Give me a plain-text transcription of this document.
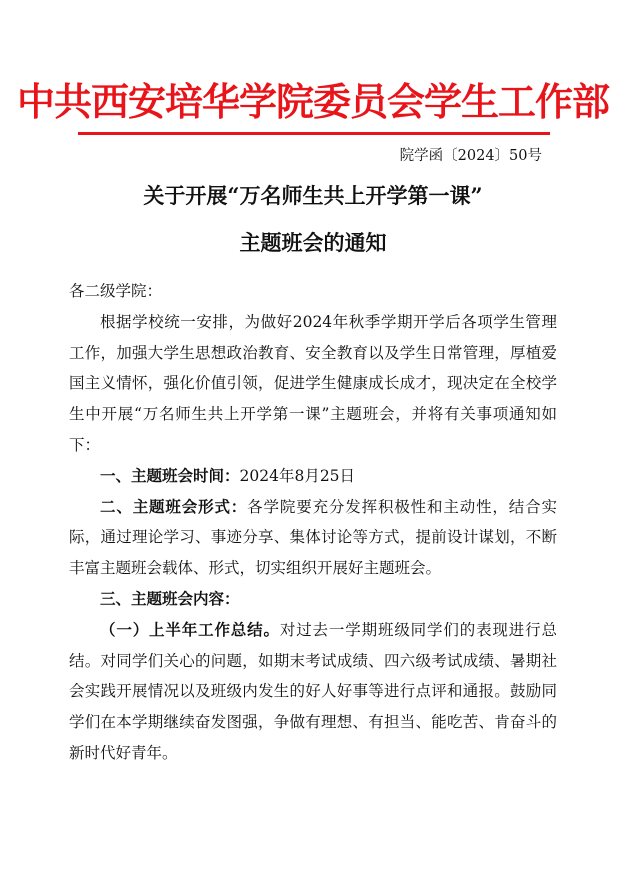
中共西安培华学院委员会学生工作部
院学函〔2024〕50号
关于开展“万名师生共上开学第一课”
主题班会的通知

各二级学院：

根据学校统一安排，为做好2024年秋季学期开学后各项学生管理工作，加强大学生思想政治教育、安全教育以及学生日常管理，厚植爱国主义情怀，强化价值引领，促进学生健康成长成才，现决定在全校学生中开展“万名师生共上开学第一课”主题班会，并将有关事项通知如下：

一、主题班会时间：2024年8月25日

二、主题班会形式：各学院要充分发挥积极性和主动性，结合实际，通过理论学习、事迹分享、集体讨论等方式，提前设计谋划，不断丰富主题班会载体、形式，切实组织开展好主题班会。

三、主题班会内容：

（一）上半年工作总结。对过去一学期班级同学们的表现进行总结。对同学们关心的问题，如期末考试成绩、四六级考试成绩、暑期社会实践开展情况以及班级内发生的好人好事等进行点评和通报。鼓励同学们在本学期继续奋发图强，争做有理想、有担当、能吃苦、肯奋斗的新时代好青年。
